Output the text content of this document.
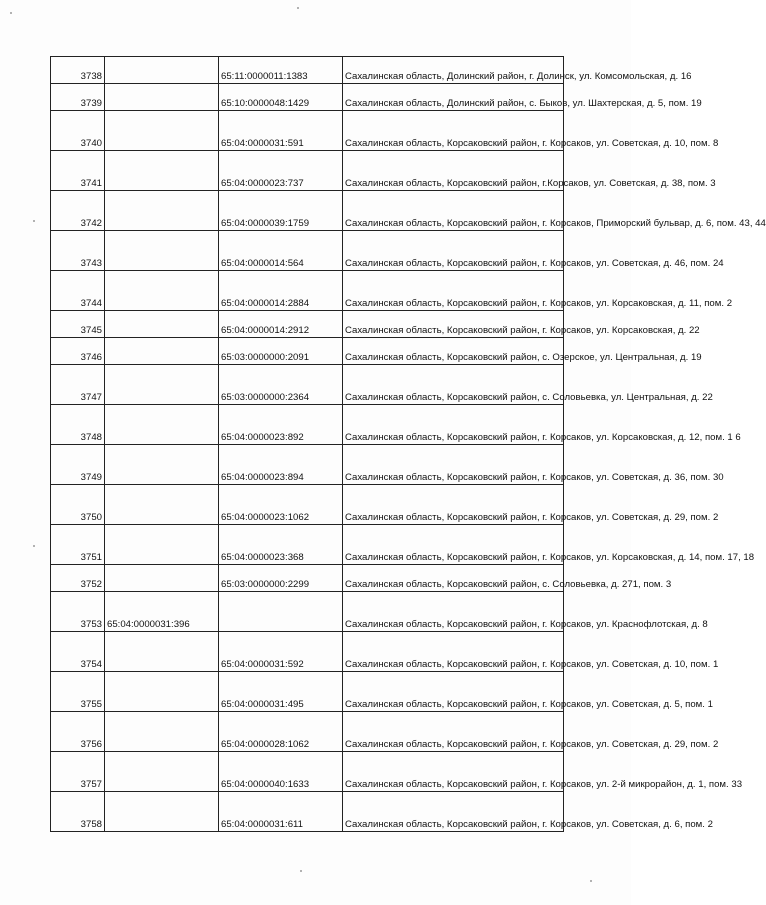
3738		65:11:0000011:1383	Сахалинская область, Долинский район, г. Долинск, ул. Комсомольская, д. 16
3739		65:10:0000048:1429	Сахалинская область, Долинский район, с. Быков, ул. Шахтерская, д. 5, пом. 19
3740		65:04:0000031:591	Сахалинская область, Корсаковский район, г. Корсаков, ул. Советская, д. 10, пом. 8
3741		65:04:0000023:737	Сахалинская область, Корсаковский район, г.Корсаков, ул. Советская, д. 38, пом. 3
3742		65:04:0000039:1759	Сахалинская область, Корсаковский район, г. Корсаков, Приморский бульвар, д. 6, пом. 43, 44
3743		65:04:0000014:564	Сахалинская область, Корсаковский район, г. Корсаков, ул. Советская, д. 46, пом. 24
3744		65:04:0000014:2884	Сахалинская область, Корсаковский район, г. Корсаков, ул. Корсаковская, д. 11, пом. 2
3745		65:04:0000014:2912	Сахалинская область, Корсаковский район, г. Корсаков, ул. Корсаковская, д. 22
3746		65:03:0000000:2091	Сахалинская область, Корсаковский район, с. Озерское, ул. Центральная, д. 19
3747		65:03:0000000:2364	Сахалинская область, Корсаковский район, с. Соловьевка, ул. Центральная, д. 22
3748		65:04:0000023:892	Сахалинская область, Корсаковский район, г. Корсаков, ул. Корсаковская, д. 12, пом. 1 6
3749		65:04:0000023:894	Сахалинская область, Корсаковский район, г. Корсаков, ул. Советская, д. 36, пом. 30
3750		65:04:0000023:1062	Сахалинская область, Корсаковский район, г. Корсаков, ул. Советская, д. 29, пом. 2
3751		65:04:0000023:368	Сахалинская область, Корсаковский район, г. Корсаков, ул. Корсаковская, д. 14, пом. 17, 18
3752		65:03:0000000:2299	Сахалинская область, Корсаковский район, с. Соловьевка, д. 271, пом. 3
3753	65:04:0000031:396		Сахалинская область, Корсаковский район, г. Корсаков, ул. Краснофлотская, д. 8
3754		65:04:0000031:592	Сахалинская область, Корсаковский район, г. Корсаков, ул. Советская, д. 10, пом. 1
3755		65:04:0000031:495	Сахалинская область, Корсаковский район, г. Корсаков, ул. Советская, д. 5, пом. 1
3756		65:04:0000028:1062	Сахалинская область, Корсаковский район, г. Корсаков, ул. Советская, д. 29, пом. 2
3757		65:04:0000040:1633	Сахалинская область, Корсаковский район, г. Корсаков, ул. 2-й микрорайон, д. 1, пом. 33
3758		65:04:0000031:611	Сахалинская область, Корсаковский район, г. Корсаков, ул. Советская, д. 6, пом. 2
